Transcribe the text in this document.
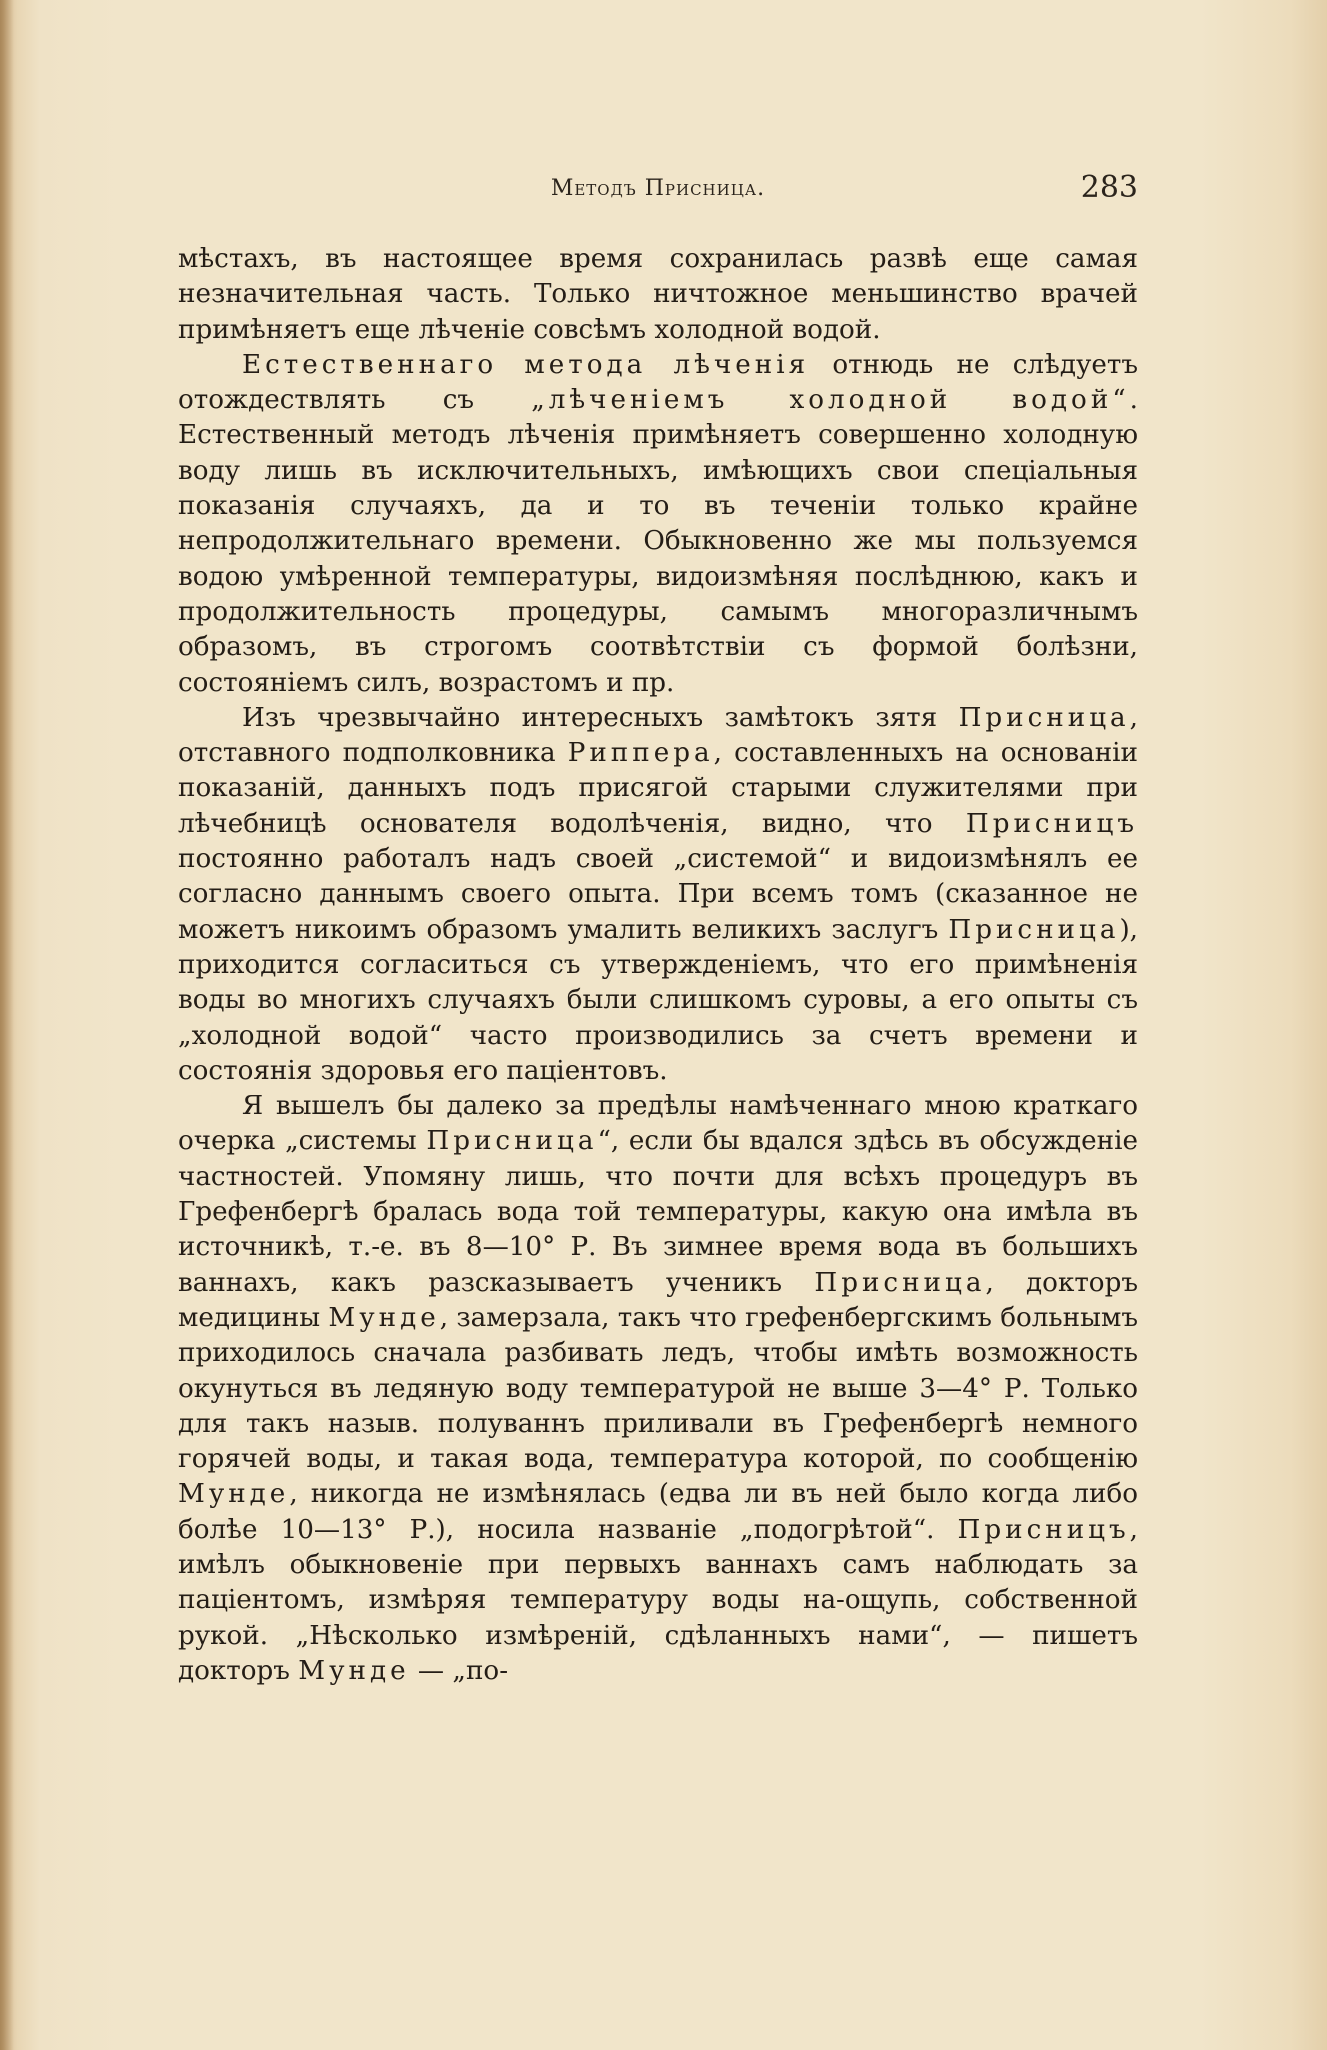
Методъ Присница.	283

мѣстахъ, въ настоящее время сохранилась развѣ еще самая незначительная часть. Только ничтожное меньшинство врачей примѣняетъ еще лѣченіе совсѣмъ холодной водой.

Естественнаго метода лѣченія отнюдь не слѣдуетъ отождествлять съ „лѣченіемъ холодной водой“. Естественный методъ лѣченія примѣняетъ совершенно холодную воду лишь въ исключительныхъ, имѣющихъ свои спеціальныя показанія случаяхъ, да и то въ теченіи только крайне непродолжительнаго времени. Обыкновенно же мы пользуемся водою умѣренной температуры, видоизмѣняя послѣднюю, какъ и продолжительность процедуры, самымъ многоразличнымъ образомъ, въ строгомъ соотвѣтствіи съ формой болѣзни, состояніемъ силъ, возрастомъ и пр.

Изъ чрезвычайно интересныхъ замѣтокъ зятя Присница, отставного подполковника Риппера, составленныхъ на основаніи показаній, данныхъ подъ присягой старыми служителями при лѣчебницѣ основателя водолѣченія, видно, что Присницъ постоянно работалъ надъ своей „системой“ и видоизмѣнялъ ее согласно даннымъ своего опыта. При всемъ томъ (сказанное не можетъ никоимъ образомъ умалить великихъ заслугъ Присница), приходится согласиться съ утвержденіемъ, что его примѣненія воды во многихъ случаяхъ были слишкомъ суровы, а его опыты съ „холодной водой“ часто производились за счетъ времени и состоянія здоровья его паціентовъ.

Я вышелъ бы далеко за предѣлы намѣченнаго мною краткаго очерка „системы Присница“, если бы вдался здѣсь въ обсужденіе частностей. Упомяну лишь, что почти для всѣхъ процедуръ въ Грефенбергѣ бралась вода той температуры, какую она имѣла въ источникѣ, т.-е. въ 8—10° Р. Въ зимнее время вода въ большихъ ваннахъ, какъ разсказываетъ ученикъ Присница, докторъ медицины Мунде, замерзала, такъ что грефенбергскимъ больнымъ приходилось сначала разбивать ледъ, чтобы имѣть возможность окунуться въ ледяную воду температурой не выше 3—4° Р. Только для такъ назыв. полуваннъ приливали въ Грефенбергѣ немного горячей воды, и такая вода, температура которой, по сообщенію Мунде, никогда не измѣнялась (едва ли въ ней было когда либо болѣе 10—13° Р.), носила названіе „подогрѣтой“. Присницъ, имѣлъ обыкновеніе при первыхъ ваннахъ самъ наблюдать за паціентомъ, измѣряя температуру воды на-ощупь, собственной рукой. „Нѣсколько измѣреній, сдѣланныхъ нами“, — пишетъ докторъ Мунде — „по-
